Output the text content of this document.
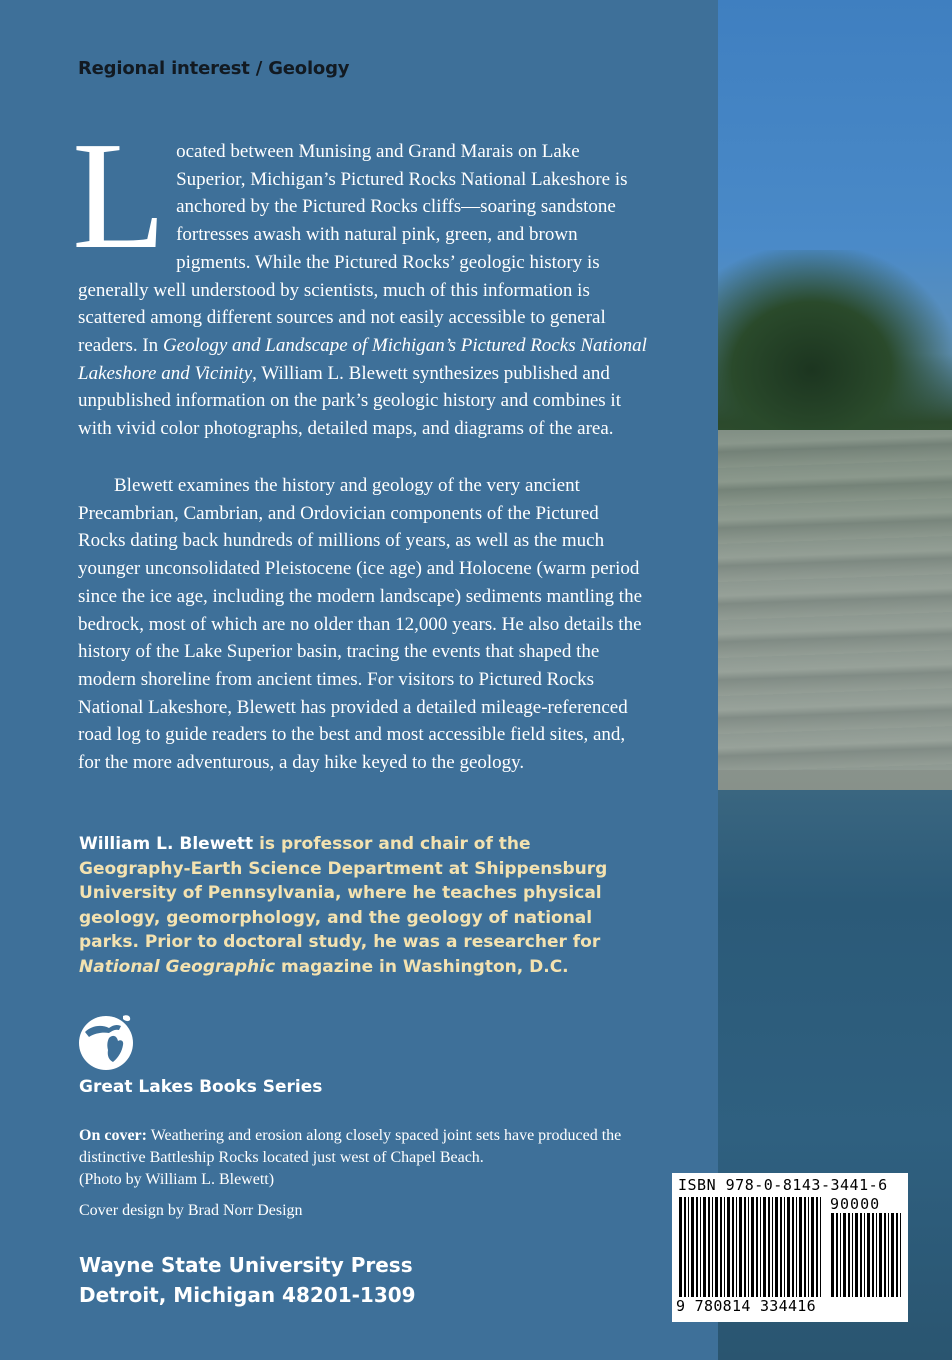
Regional interest / Geology
L ocated between Munising and Grand Marais on Lake Superior, Michigan’s Pictured Rocks National Lakeshore is anchored by the Pictured Rocks cliffs—soaring sandstone fortresses awash with natural pink, green, and brown pigments. While the Pictured Rocks’ geologic history is generally well understood by scientists, much of this information is scattered among different sources and not easily accessible to general readers. In Geology and Landscape of Michigan’s Pictured Rocks National Lakeshore and Vicinity, William L. Blewett synthesizes published and unpublished information on the park’s geologic history and combines it with vivid color photographs, detailed maps, and diagrams of the area.

Blewett examines the history and geology of the very ancient Precambrian, Cambrian, and Ordovician components of the Pictured Rocks dating back hundreds of millions of years, as well as the much younger unconsolidated Pleistocene (ice age) and Holocene (warm period since the ice age, including the modern landscape) sediments mantling the bedrock, most of which are no older than 12,000 years. He also details the history of the Lake Superior basin, tracing the events that shaped the modern shoreline from ancient times. For visitors to Pictured Rocks National Lakeshore, Blewett has provided a detailed mileage-referenced road log to guide readers to the best and most accessible field sites, and, for the more adventurous, a day hike keyed to the geology.

William L. Blewett is professor and chair of the Geography-Earth Science Department at Shippensburg University of Pennsylvania, where he teaches physical geology, geomorphology, and the geology of national parks. Prior to doctoral study, he was a researcher for National Geographic magazine in Washington, D.C.
Great Lakes Books Series
On cover: Weathering and erosion along closely spaced joint sets have produced the distinctive Battleship Rocks located just west of Chapel Beach.
(Photo by William L. Blewett)
Cover design by Brad Norr Design
Wayne State University Press
Detroit, Michigan 48201-1309
ISBN 978-0-8143-3441-6
90000
9 780814 334416
